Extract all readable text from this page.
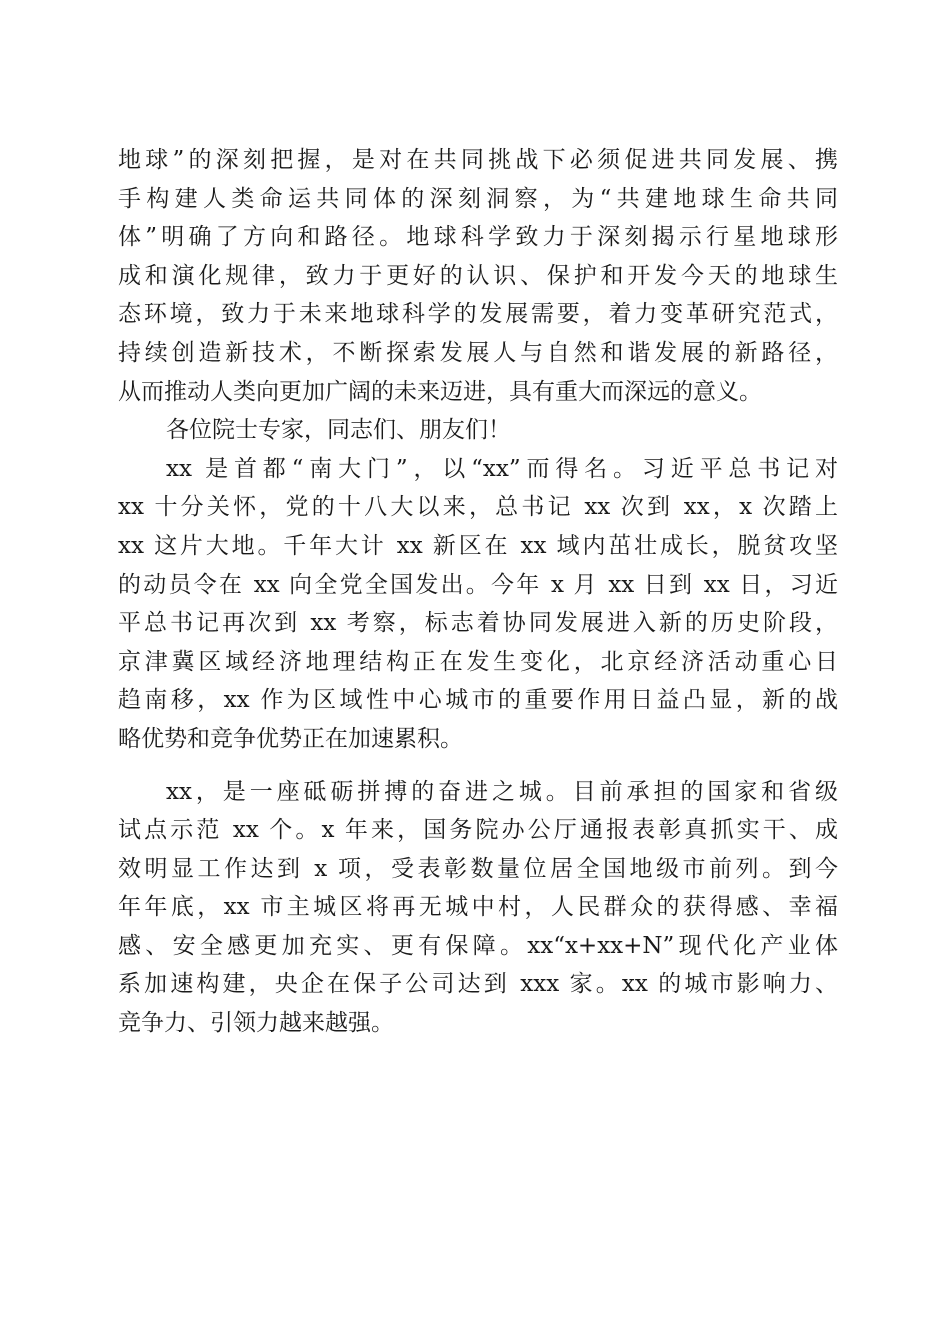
地球”的深刻把握，是对在共同挑战下必须促进共同发展、携
手构建人类命运共同体的深刻洞察，为“共建地球生命共同
体”明确了方向和路径。地球科学致力于深刻揭示行星地球形
成和演化规律，致力于更好的认识、保护和开发今天的地球生
态环境，致力于未来地球科学的发展需要，着力变革研究范式，
持续创造新技术，不断探索发展人与自然和谐发展的新路径，
从而推动人类向更加广阔的未来迈进，具有重大而深远的意义。
各位院士专家，同志们、朋友们！
xx 是首都“南大门”，以“xx”而得名。习近平总书记对
xx 十分关怀，党的十八大以来，总书记 xx 次到 xx，x 次踏上
xx 这片大地。千年大计 xx 新区在 xx 域内茁壮成长，脱贫攻坚
的动员令在 xx 向全党全国发出。今年 x 月 xx 日到 xx 日，习近
平总书记再次到 xx 考察，标志着协同发展进入新的历史阶段，
京津冀区域经济地理结构正在发生变化，北京经济活动重心日
趋南移，xx 作为区域性中心城市的重要作用日益凸显，新的战
略优势和竞争优势正在加速累积。
xx，是一座砥砺拼搏的奋进之城。目前承担的国家和省级
试点示范 xx 个。x 年来，国务院办公厅通报表彰真抓实干、成
效明显工作达到 x 项，受表彰数量位居全国地级市前列。到今
年年底，xx 市主城区将再无城中村，人民群众的获得感、幸福
感、安全感更加充实、更有保障。xx“x+xx+N”现代化产业体
系加速构建，央企在保子公司达到 xxx 家。xx 的城市影响力、
竞争力、引领力越来越强。
